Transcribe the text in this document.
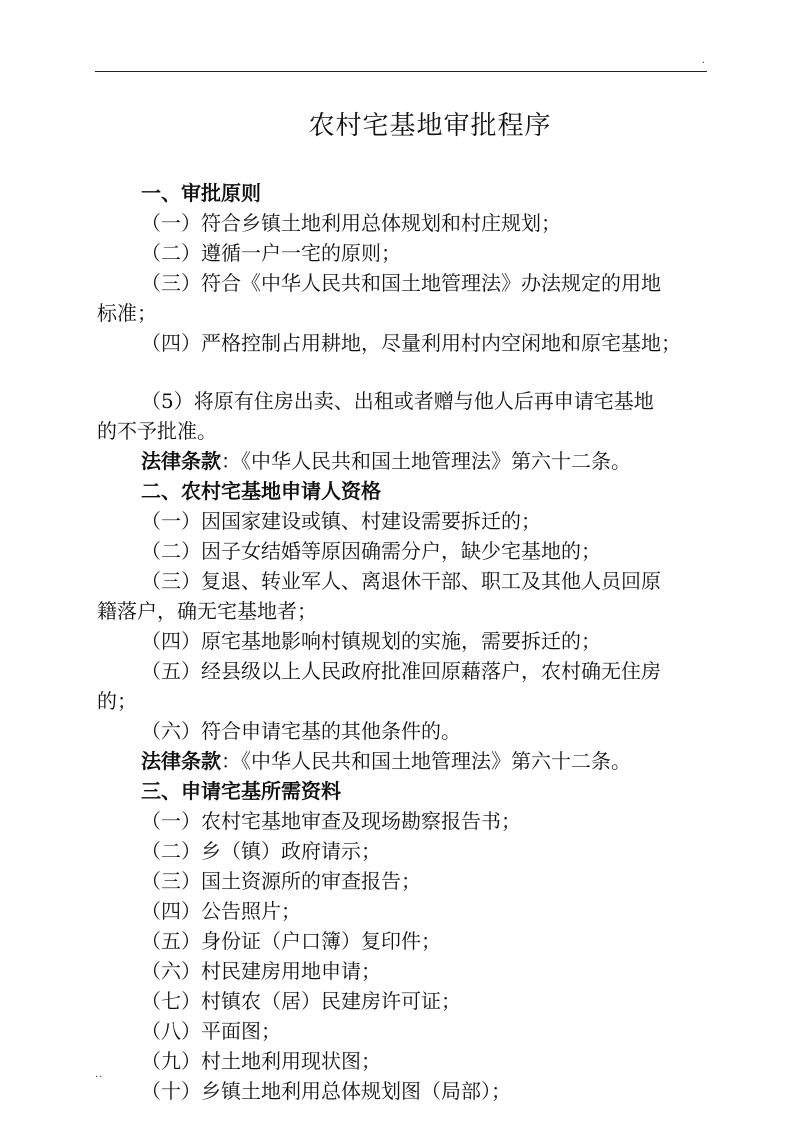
.
农村宅基地审批程序
一、审批原则
（一）符合乡镇土地利用总体规划和村庄规划；
（二）遵循一户一宅的原则；
（三）符合《中华人民共和国土地管理法》办法规定的用地
标准；
（四）严格控制占用耕地，尽量利用村内空闲地和原宅基地；
（5）将原有住房出卖、出租或者赠与他人后再申请宅基地
的不予批准。
法律条款：《中华人民共和国土地管理法》第六十二条。
二、农村宅基地申请人资格
（一）因国家建设或镇、村建设需要拆迁的；
（二）因子女结婚等原因确需分户，缺少宅基地的；
（三）复退、转业军人、离退休干部、职工及其他人员回原
籍落户，确无宅基地者；
（四）原宅基地影响村镇规划的实施，需要拆迁的；
（五）经县级以上人民政府批准回原藉落户，农村确无住房
的；
（六）符合申请宅基的其他条件的。
法律条款：《中华人民共和国土地管理法》第六十二条。
三、申请宅基所需资料
（一）农村宅基地审查及现场勘察报告书；
（二）乡（镇）政府请示；
（三）国土资源所的审查报告；
（四）公告照片；
（五）身份证（户口簿）复印件；
（六）村民建房用地申请；
（七）村镇农（居）民建房许可证；
（八）平面图；
（九）村土地利用现状图；
（十）乡镇土地利用总体规划图（局部）；
..
